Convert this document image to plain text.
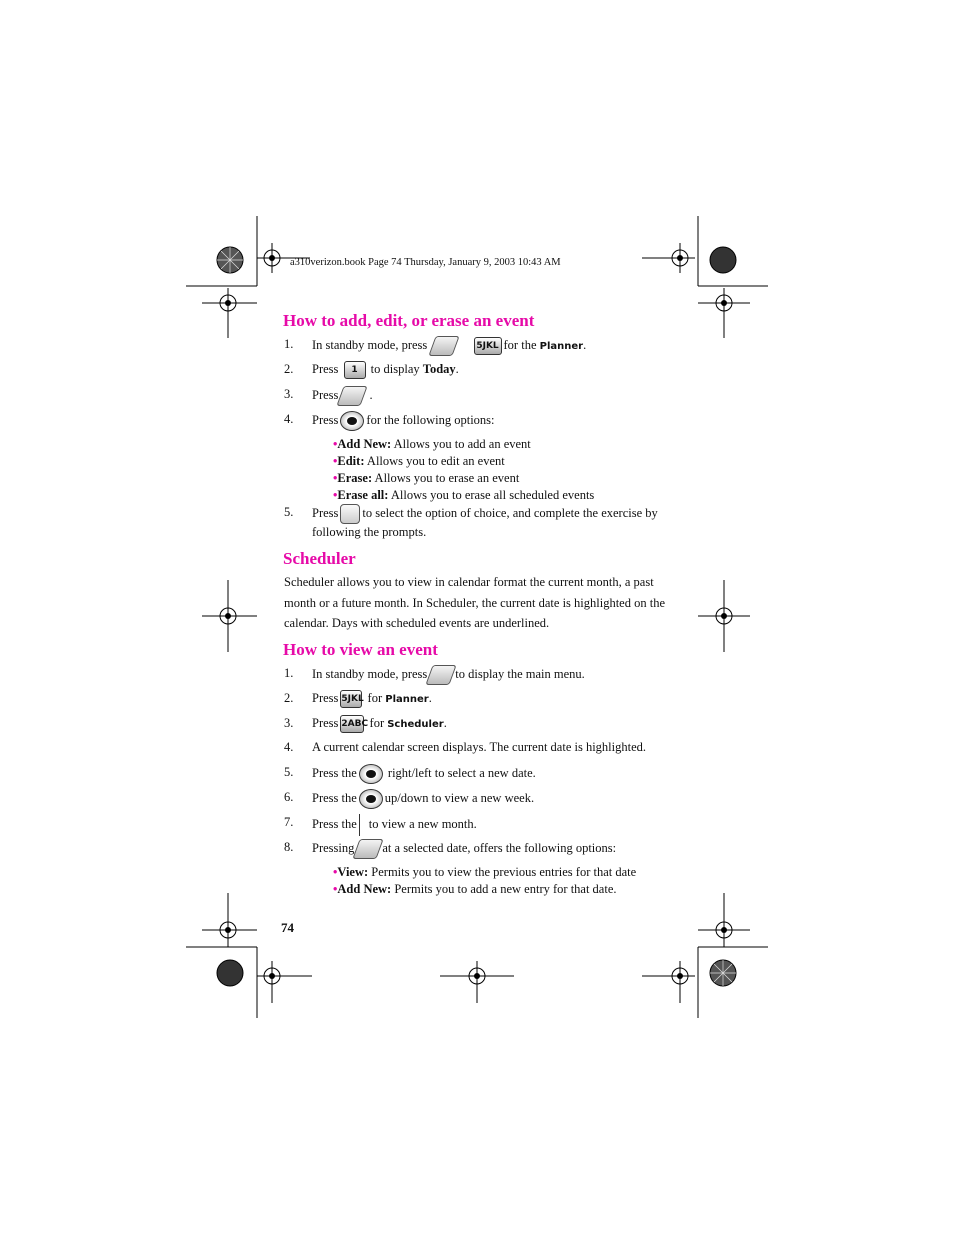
a310verizon.book Page 74 Thursday, January 9, 2003 10:43 AM
How to add, edit, or erase an event
1. In standby mode, press	5JKL for the Planner.
2. Press 1 to display Today.
3. Press .
4. Press for the following options:
•Add New: Allows you to add an event
•Edit: Allows you to edit an event
•Erase: Allows you to erase an event
•Erase all: Allows you to erase all scheduled events
5. Press to select the option of choice, and complete the exercise by
following the prompts.
Scheduler
Scheduler allows you to view in calendar format the current month, a past
month or a future month. In Scheduler, the current date is highlighted on the
calendar. Days with scheduled events are underlined.
How to view an event
1. In standby mode, press to display the main menu.
2. Press 5JKL for Planner.
3. Press 2ABC for Scheduler.
4. A current calendar screen displays. The current date is highlighted.
5. Press the right/left to select a new date.
6. Press the up/down to view a new week.
7. Press the to view a new month.
8. Pressing at a selected date, offers the following options:
•View: Permits you to view the previous entries for that date
•Add New: Permits you to add a new entry for that date.
74
